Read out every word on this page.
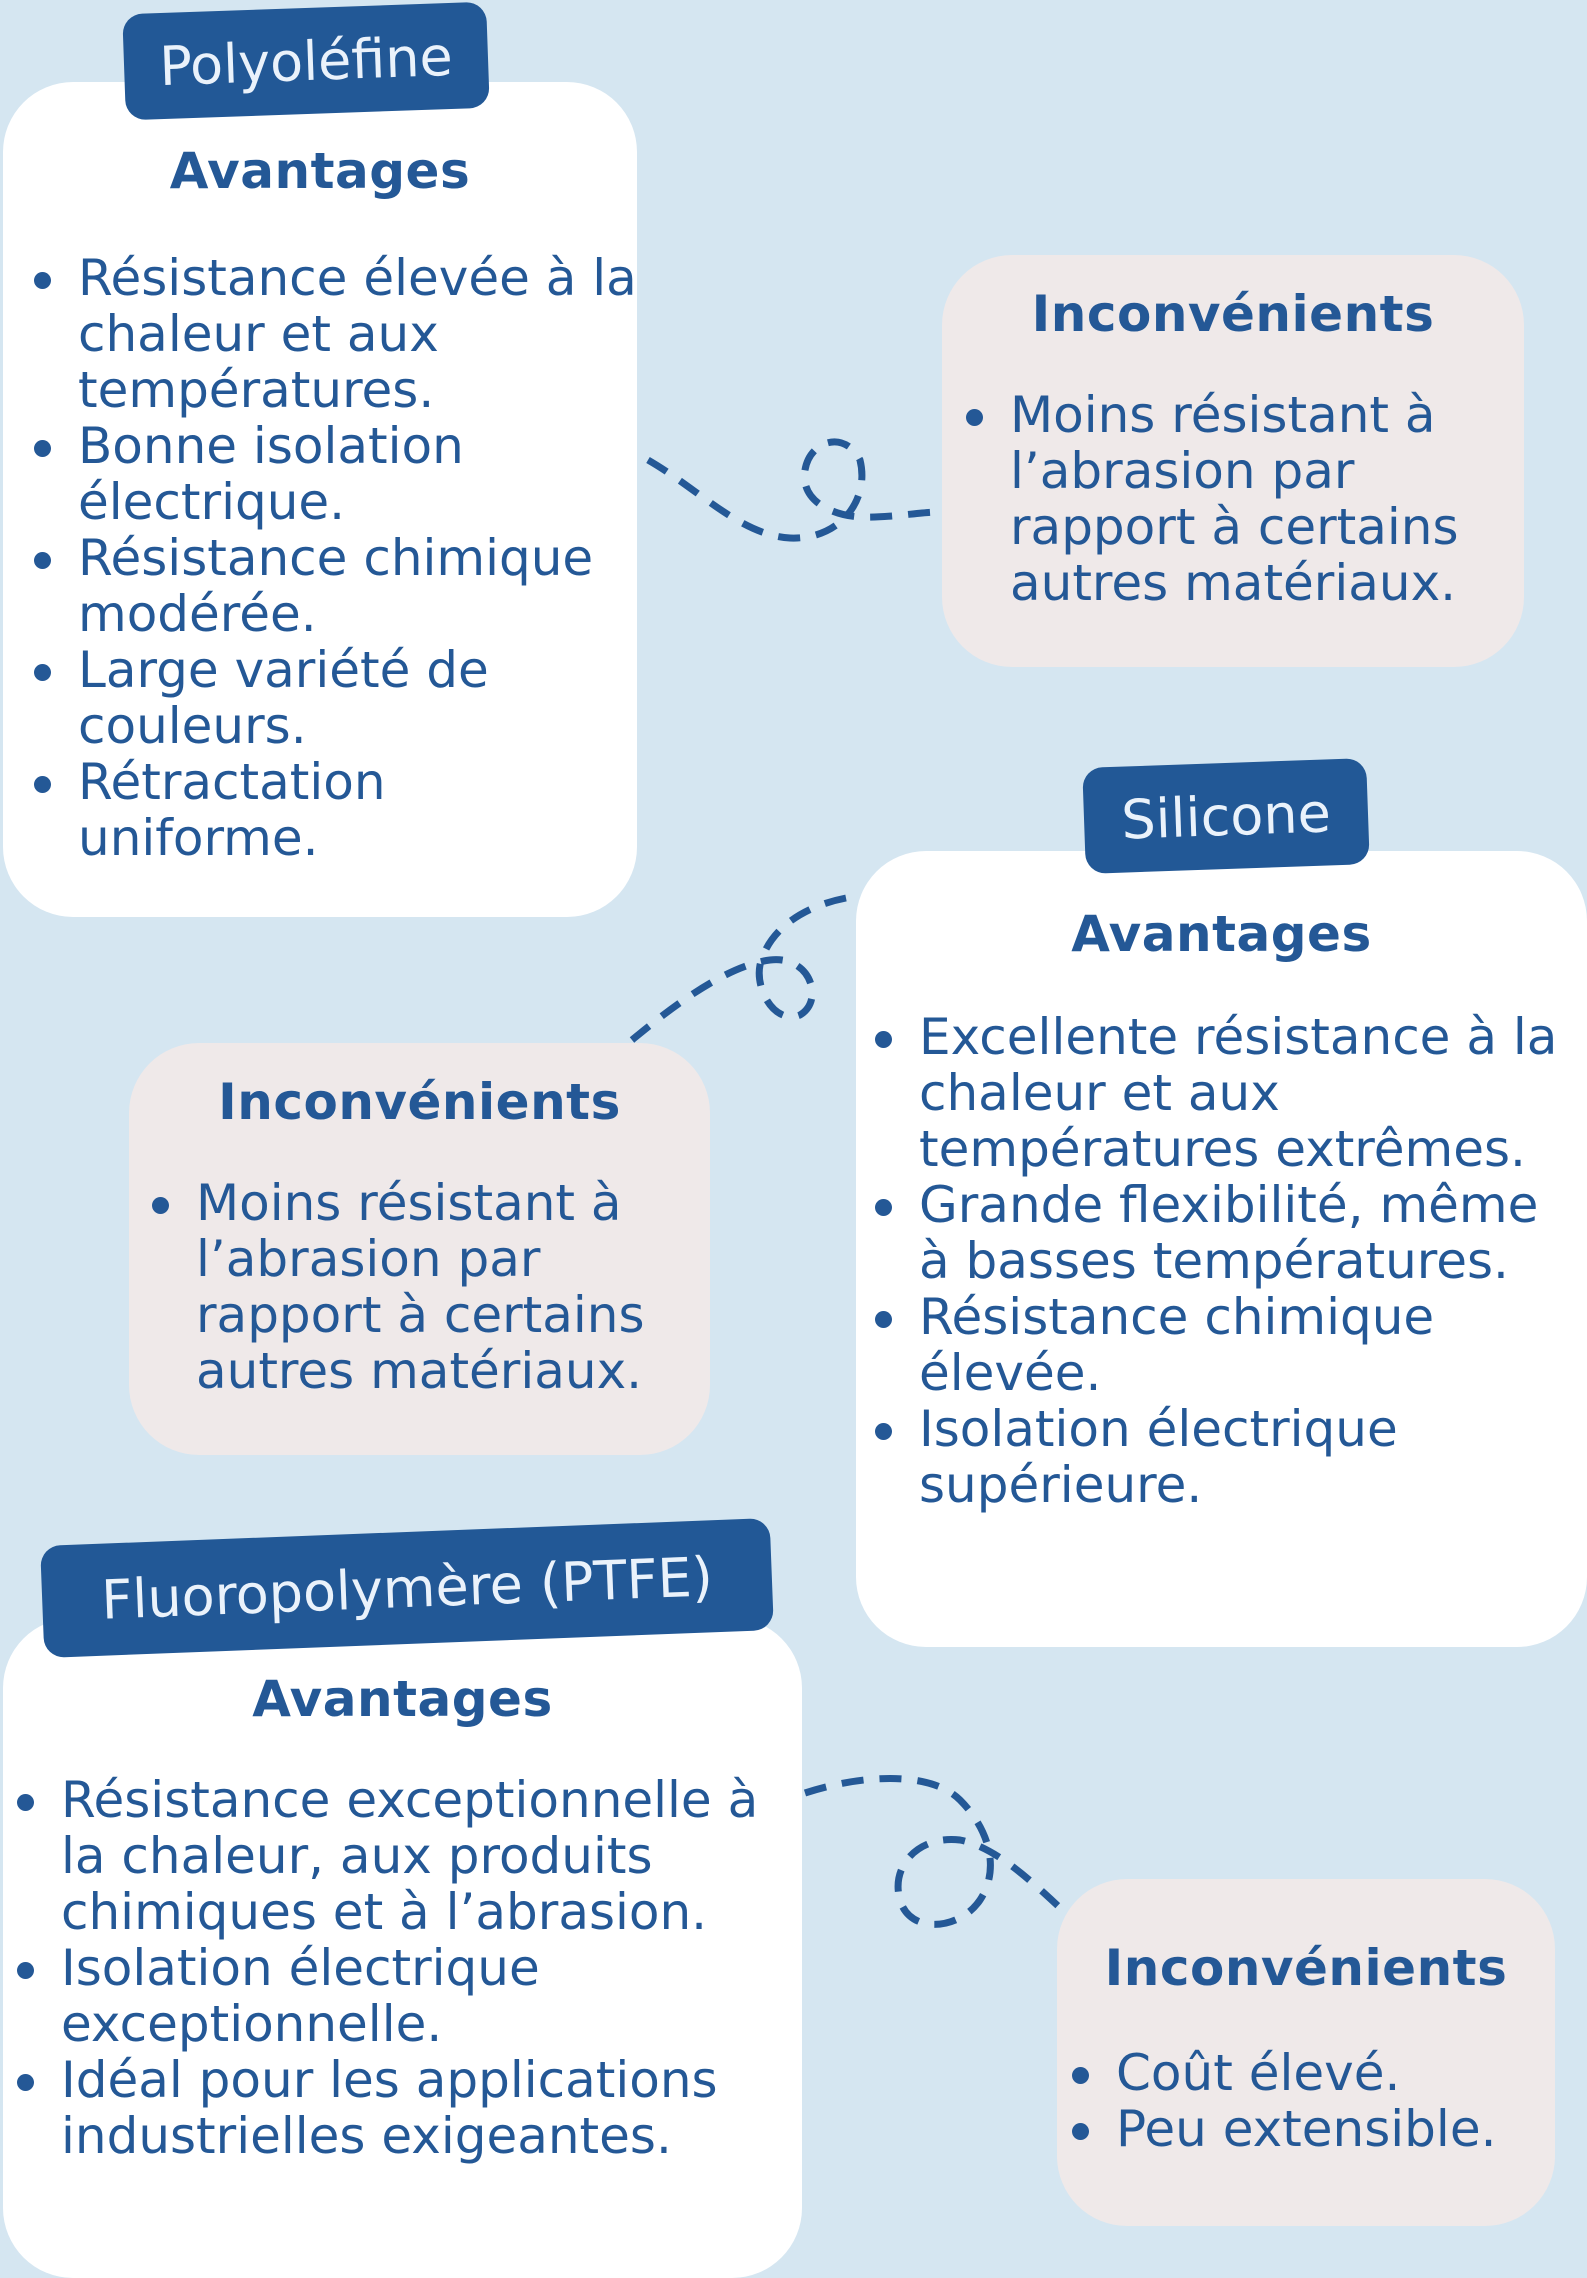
Avantages
Résistance élevée à la chaleur et aux températures.
Bonne isolation électrique.
Résistance chimique modérée.
Large variété de couleurs.
Rétractation uniforme.
Polyoléfine
Inconvénients
Moins résistant à l’abrasion par rapport à certains autres matériaux.
Avantages
Excellente résistance à la chaleur et aux températures extrêmes.
Grande flexibilité, même à basses températures.
Résistance chimique élevée.
Isolation électrique supérieure.
Silicone
Inconvénients
Moins résistant à l’abrasion par rapport à certains autres matériaux.
Avantages
Résistance exceptionnelle à la chaleur, aux produits chimiques et à l’abrasion.
Isolation électrique exceptionnelle.
Idéal pour les applications industrielles exigeantes.
Fluoropolymère (PTFE)
Inconvénients
Coût élevé.
Peu extensible.
